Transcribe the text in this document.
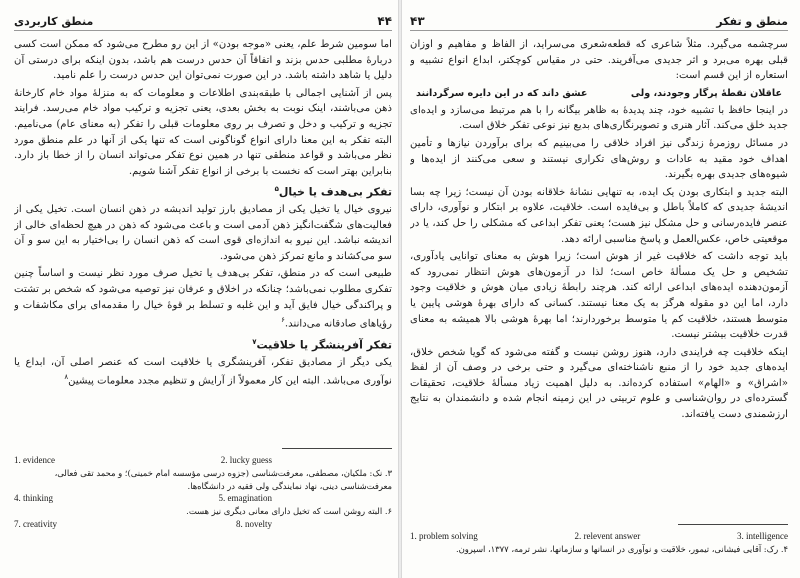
۴۴
منطق کاربردی

اما سومین شرط علم، یعنی «موجه بودن» از این رو مطرح می‌شود که ممکن است کسی دربارهٔ مطلبی حدس بزند و اتفاقاً آن حدس درست هم باشد، بدون اینکه برای درستی آن دلیل یا شاهد داشته باشد. در این صورت نمی‌توان این حدس درست را علم نامید.

پس از آشنایی اجمالی با طبقه‌بندی اطلاعات و معلومات که به منزلهٔ مواد خام کارخانهٔ ذهن می‌باشند، اینک نوبت به بخش بعدی، یعنی تجزیه و ترکیب مواد خام می‌رسد. فرایند تجزیه و ترکیب و دخل و تصرف بر روی معلومات قبلی را تفکر (به معنای عام) می‌نامیم. البته تفکر به این معنا دارای انواع گوناگونی است که تنها یکی از آنها در علم منطق مورد نظر می‌باشد و قواعد منطقی تنها در همین نوع تفکر می‌تواند انسان را از خطا باز دارد. بنابراین بهتر است که نخست با برخی از انواع تفکر آشنا شویم.

تفکر بی‌هدف یا خیال$^۵$

نیروی خیال یا تخیل یکی از مصادیق بارز تولید اندیشه در ذهن انسان است. تخیل یکی از فعالیت‌های شگفت‌انگیز ذهن آدمی است و باعث می‌شود که ذهن در هیچ لحظه‌ای خالی از اندیشه نباشد. این نیرو به اندازه‌ای قوی است که ذهن انسان را بی‌اختیار به این سو و آن سو می‌کشاند و مانع تمرکز ذهن می‌شود.

طبیعی است که در منطق، تفکر بی‌هدف یا تخیل صرف مورد نظر نیست و اساساً چنین تفکری مطلوب نمی‌باشد؛ چنانکه در اخلاق و عرفان نیز توصیه می‌شود که شخص بر تشتت و پراکندگی خیال فایق آید و این غلبه و تسلط بر قوهٔ خیال را مقدمه‌ای برای مکاشفات و رؤیاهای صادقانه می‌دانند.$^۶$

تفکر آفرینشگر یا خلاقیت$^۷$

یکی دیگر از مصادیق تفکر، آفرینشگری یا خلاقیت است که عنصر اصلی آن، ابداع یا نوآوری می‌باشد. البته این کار معمولاً از آرایش و تنظیم مجدد معلومات پیشین$^۸$

1. evidence	2. lucky guess
۳. نک: ملکیان، مصطفی، معرفت‌شناسی (جزوه درسی مؤسسه امام خمینی)؛ و محمد تقی فعالی، معرفت‌شناسی دینی، نهاد نمایندگی ولی فقیه در دانشگاه‌ها.
4. thinking	5. emagination
۶. البته روشن است که تخیل دارای معانی دیگری نیز هست.
7. creativity	8. novelty
منطق و تفکر
۴۳

سرچشمه می‌گیرد. مثلاً شاعری که قطعه‌شعری می‌سراید، از الفاظ و مفاهیم و اوزان قبلی بهره می‌برد و اثر جدیدی می‌آفریند. حتی در مقیاس کوچکتر، ابداع انواع تشبیه و استعاره از این قسم است:

عاقلان نقطهٔ پرگار وجودند، ولی
عشق داند که در این دایره سرگردانند

در اینجا حافظ با تشبیه خود، چند پدیدهٔ به ظاهر بیگانه را با هم مرتبط می‌سازد و ایده‌ای جدید خلق می‌کند. آثار هنری و تصویرنگاری‌های بدیع نیز نوعی تفکر خلاق است.

در مسائل روزمرهٔ زندگی نیز افراد خلاقی را می‌بینیم که برای برآوردن نیازها و تأمین اهداف خود مقید به عادات و روش‌های تکراری نیستند و سعی می‌کنند از ایده‌ها و شیوه‌های جدیدی بهره بگیرند.

البته جدید و ابتکاری بودن یک ایده، به تنهایی نشانهٔ خلاقانه بودن آن نیست؛ زیرا چه بسا اندیشهٔ جدیدی که کاملاً باطل و بی‌فایده است. خلاقیت، علاوه بر ابتکار و نوآوری، دارای عنصر فایده‌رسانی و حل مشکل نیز هست؛ یعنی تفکر ابداعی که مشکلی را حل کند، یا در موقعیتی خاص، عکس‌العمل و پاسخ مناسبی ارائه دهد.

باید توجه داشت که خلاقیت غیر از هوش است؛ زیرا هوش به معنای توانایی یادآوری، تشخیص و حل یک مسألهٔ خاص است؛ لذا در آزمون‌های هوش انتظار نمی‌رود که آزمون‌دهنده ایده‌های ابداعی ارائه کند. هرچند رابطهٔ زیادی میان هوش و خلاقیت وجود دارد، اما این دو مقوله هرگز به یک معنا نیستند. کسانی که دارای بهرهٔ هوشی پایین یا متوسط هستند، خلاقیت کم یا متوسط برخوردارند؛ اما بهرهٔ هوشی بالا همیشه به معنای قدرت خلاقیت بیشتر نیست.

اینکه خلاقیت چه فرایندی دارد، هنوز روشن نیست و گفته می‌شود که گویا شخص خلاق، ایده‌های جدید خود را از منبع ناشناخته‌ای می‌گیرد و حتی برخی در وصف آن از لفظ «اشراق» و «الهام» استفاده کرده‌اند. به دلیل اهمیت زیاد مسألهٔ خلاقیت، تحقیقات گسترده‌ای در روان‌شناسی و علوم تربیتی در این زمینه انجام شده و دانشمندان به نتایج ارزشمندی دست یافته‌اند.

1. problem solving	2. relevent answer	3. intelligence
۴. رک: آقایی فیشانی، تیمور، خلاقیت و نوآوری در انسانها و سازمانها، نشر ترمه، ۱۳۷۷، اسپرون.
